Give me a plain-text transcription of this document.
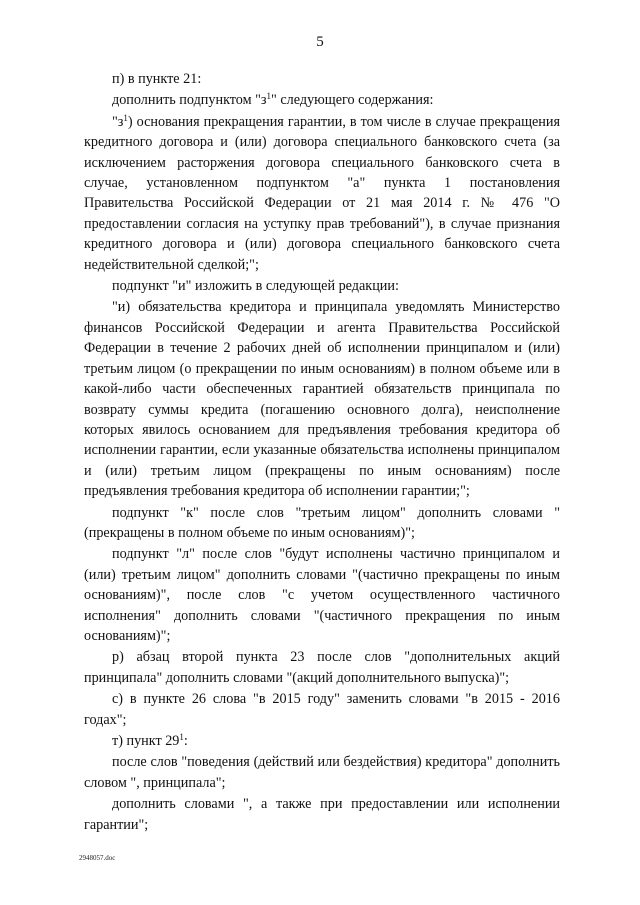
5

п) в пункте 21:

дополнить подпунктом "$з^1$" следующего содержания:

"$з^1$) основания прекращения гарантии, в том числе в случае прекращения кредитного договора и (или) договора специального банковского счета (за исключением расторжения договора специального банковского счета в случае, установленном подпунктом "а" пункта 1 постановления Правительства Российской Федерации от 21 мая 2014 г. № 476 "О предоставлении согласия на уступку прав требований"), в случае признания кредитного договора и (или) договора специального банковского счета недействительной сделкой;";

подпункт "и" изложить в следующей редакции:

"и) обязательства кредитора и принципала уведомлять Министерство финансов Российской Федерации и агента Правительства Российской Федерации в течение 2 рабочих дней об исполнении принципалом и (или) третьим лицом (о прекращении по иным основаниям) в полном объеме или в какой-либо части обеспеченных гарантией обязательств принципала по возврату суммы кредита (погашению основного долга), неисполнение которых явилось основанием для предъявления требования кредитора об исполнении гарантии, если указанные обязательства исполнены принципалом и (или) третьим лицом (прекращены по иным основаниям) после предъявления требования кредитора об исполнении гарантии;";

подпункт "к" после слов "третьим лицом" дополнить словами "(прекращены в полном объеме по иным основаниям)";

подпункт "л" после слов "будут исполнены частично принципалом и (или) третьим лицом" дополнить словами "(частично прекращены по иным основаниям)", после слов "с учетом осуществленного частичного исполнения" дополнить словами "(частичного прекращения по иным основаниям)";

р) абзац второй пункта 23 после слов "дополнительных акций принципала" дополнить словами "(акций дополнительного выпуска)";

с) в пункте 26 слова "в 2015 году" заменить словами "в 2015 - 2016 годах";

т) пункт $29^1$:

после слов "поведения (действий или бездействия) кредитора" дополнить словом ", принципала";

дополнить словами ", а также при предоставлении или исполнении гарантии";

2948057.doc
